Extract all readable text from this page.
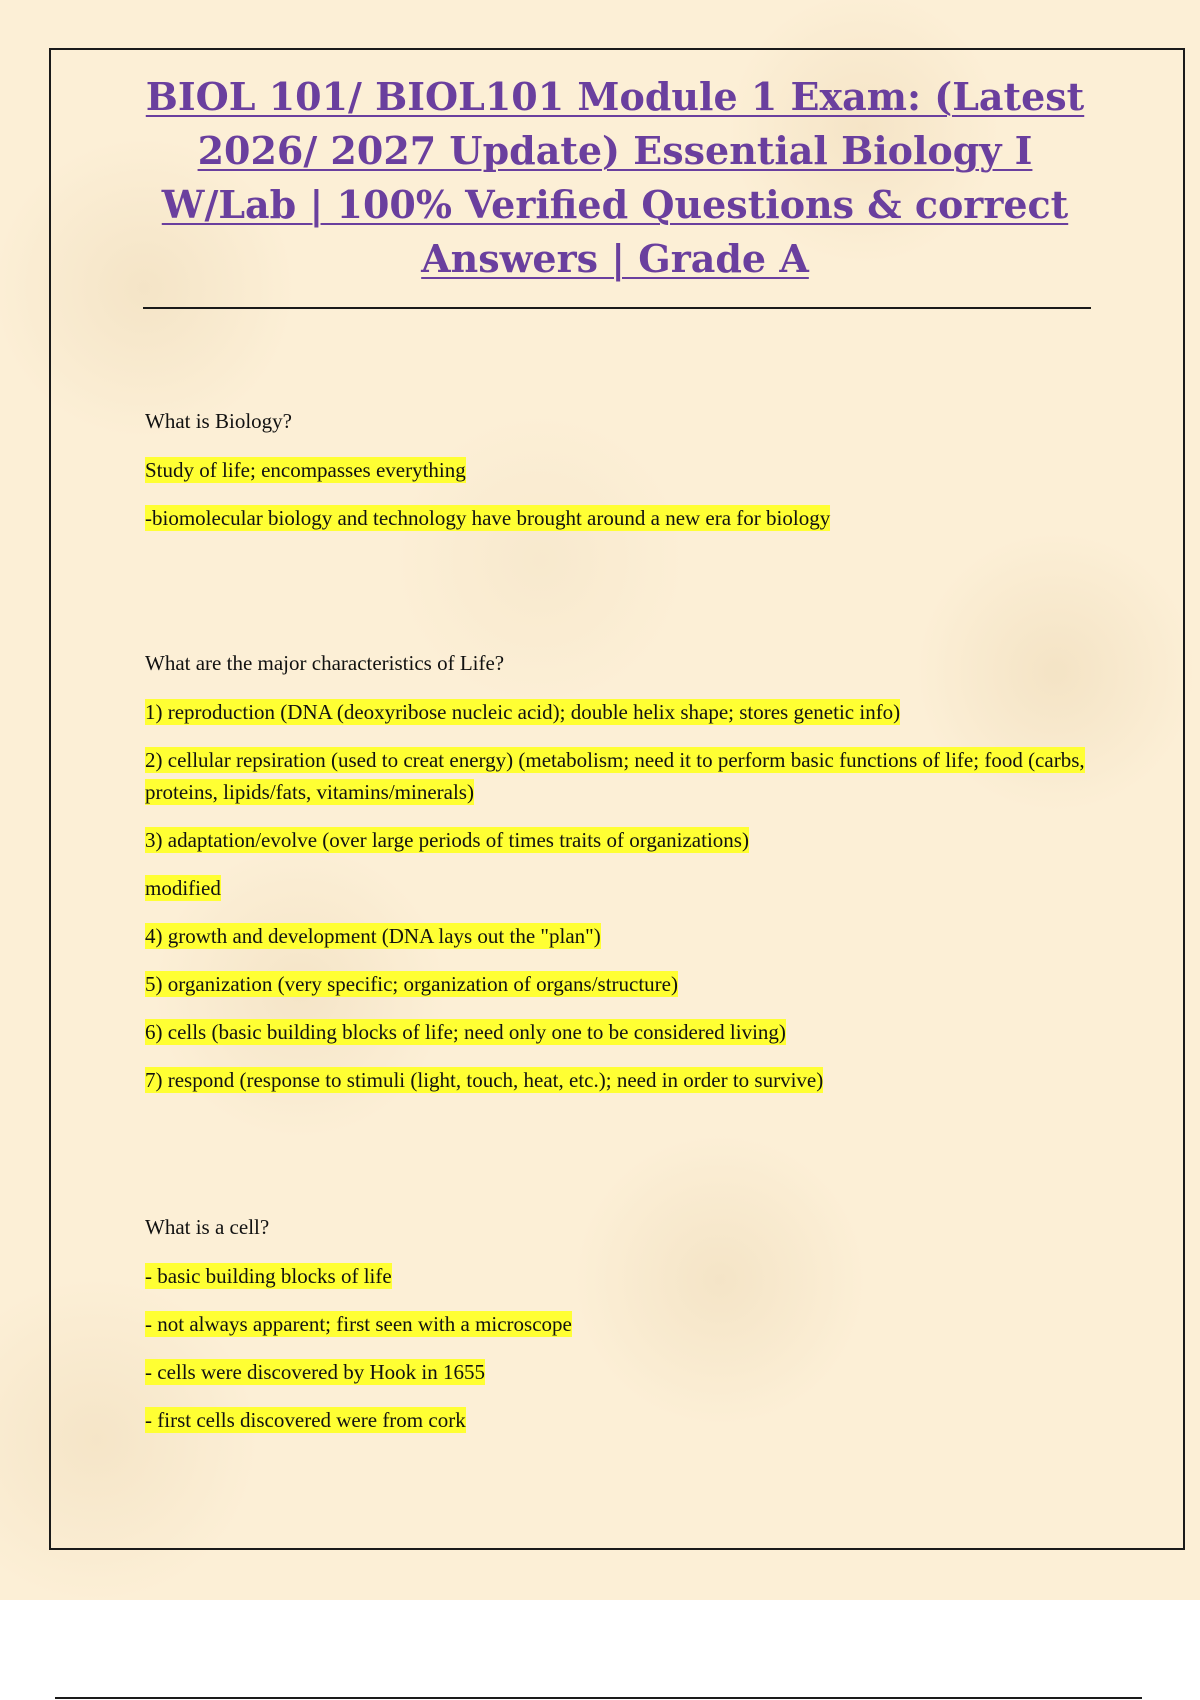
BIOL 101/ BIOL101 Module 1 Exam: (Latest 2026/ 2027 Update) Essential Biology I W/Lab | 100% Verified Questions & correct Answers | Grade A

What is Biology?

Study of life; encompasses everything

-biomolecular biology and technology have brought around a new era for biology

What are the major characteristics of Life?

1) reproduction (DNA (deoxyribose nucleic acid); double helix shape; stores genetic info)

2) cellular repsiration (used to creat energy) (metabolism; need it to perform basic functions of life; food (carbs, proteins, lipids/fats, vitamins/minerals)

3) adaptation/evolve (over large periods of times traits of organizations)

modified

4) growth and development (DNA lays out the "plan")

5) organization (very specific; organization of organs/structure)

6) cells (basic building blocks of life; need only one to be considered living)

7) respond (response to stimuli (light, touch, heat, etc.); need in order to survive)

What is a cell?

- basic building blocks of life

- not always apparent; first seen with a microscope

- cells were discovered by Hook in 1655

- first cells discovered were from cork
